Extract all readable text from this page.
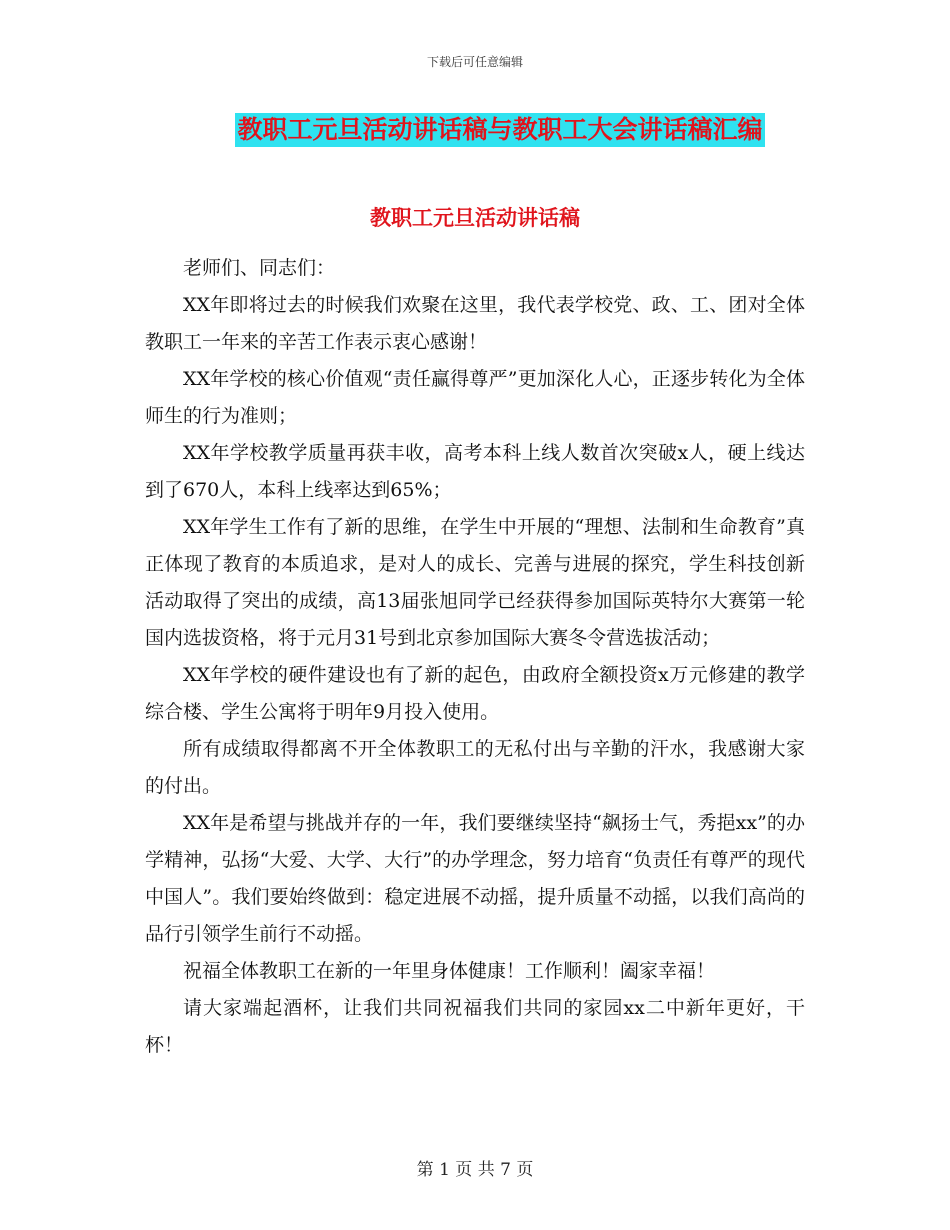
下载后可任意编辑
教职工元旦活动讲话稿与教职工大会讲话稿汇编
教职工元旦活动讲话稿

老师们、同志们：

XX年即将过去的时候我们欢聚在这里，我代表学校党、政、工、团对全体教职工一年来的辛苦工作表示衷心感谢！

XX年学校的核心价值观“责任赢得尊严”更加深化人心，正逐步转化为全体师生的行为准则；

XX年学校教学质量再获丰收，高考本科上线人数首次突破x人，硬上线达到了670人，本科上线率达到65%；

XX年学生工作有了新的思维，在学生中开展的“理想、法制和生命教育”真正体现了教育的本质追求，是对人的成长、完善与进展的探究，学生科技创新活动取得了突出的成绩，高13届张旭同学已经获得参加国际英特尔大赛第一轮国内选拔资格，将于元月31号到北京参加国际大赛冬令营选拔活动；

XX年学校的硬件建设也有了新的起色，由政府全额投资x万元修建的教学综合楼、学生公寓将于明年9月投入使用。

所有成绩取得都离不开全体教职工的无私付出与辛勤的汗水，我感谢大家的付出。

XX年是希望与挑战并存的一年，我们要继续坚持“飙扬士气，秀挹xx”的办学精神，弘扬“大爱、大学、大行”的办学理念，努力培育“负责任有尊严的现代中国人”。我们要始终做到：稳定进展不动摇，提升质量不动摇，以我们高尚的品行引领学生前行不动摇。

祝福全体教职工在新的一年里身体健康！工作顺利！阖家幸福！

请大家端起酒杯，让我们共同祝福我们共同的家园xx二中新年更好，干杯！

第 1 页 共 7 页
